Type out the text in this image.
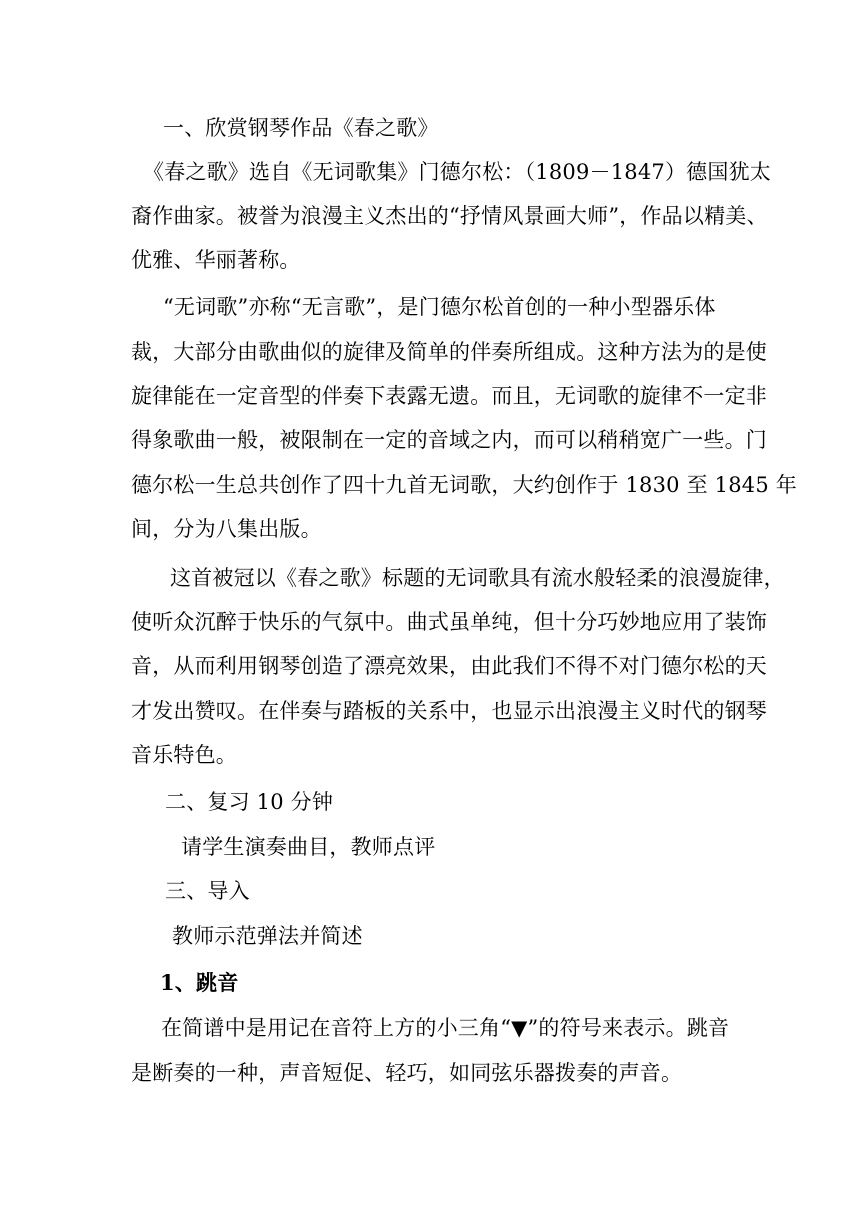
一、欣赏钢琴作品《春之歌》
《春之歌》选自《无词歌集》门德尔松：（1809－1847）德国犹太
裔作曲家。被誉为浪漫主义杰出的“抒情风景画大师”，作品以精美、
优雅、华丽著称。
“无词歌”亦称“无言歌”，是门德尔松首创的一种小型器乐体
裁，大部分由歌曲似的旋律及简单的伴奏所组成。这种方法为的是使
旋律能在一定音型的伴奏下表露无遗。而且，无词歌的旋律不一定非
得象歌曲一般，被限制在一定的音域之内，而可以稍稍宽广一些。门
德尔松一生总共创作了四十九首无词歌，大约创作于 1830 至 1845 年
间，分为八集出版。
这首被冠以《春之歌》标题的无词歌具有流水般轻柔的浪漫旋律，
使听众沉醉于快乐的气氛中。曲式虽单纯，但十分巧妙地应用了装饰
音，从而利用钢琴创造了漂亮效果，由此我们不得不对门德尔松的天
才发出赞叹。在伴奏与踏板的关系中，也显示出浪漫主义时代的钢琴
音乐特色。
二、复习 10 分钟
请学生演奏曲目，教师点评
三、导入
教师示范弹法并简述
1、跳音
在简谱中是用记在音符上方的小三角“▼”的符号来表示。跳音
是断奏的一种，声音短促、轻巧，如同弦乐器拨奏的声音。
